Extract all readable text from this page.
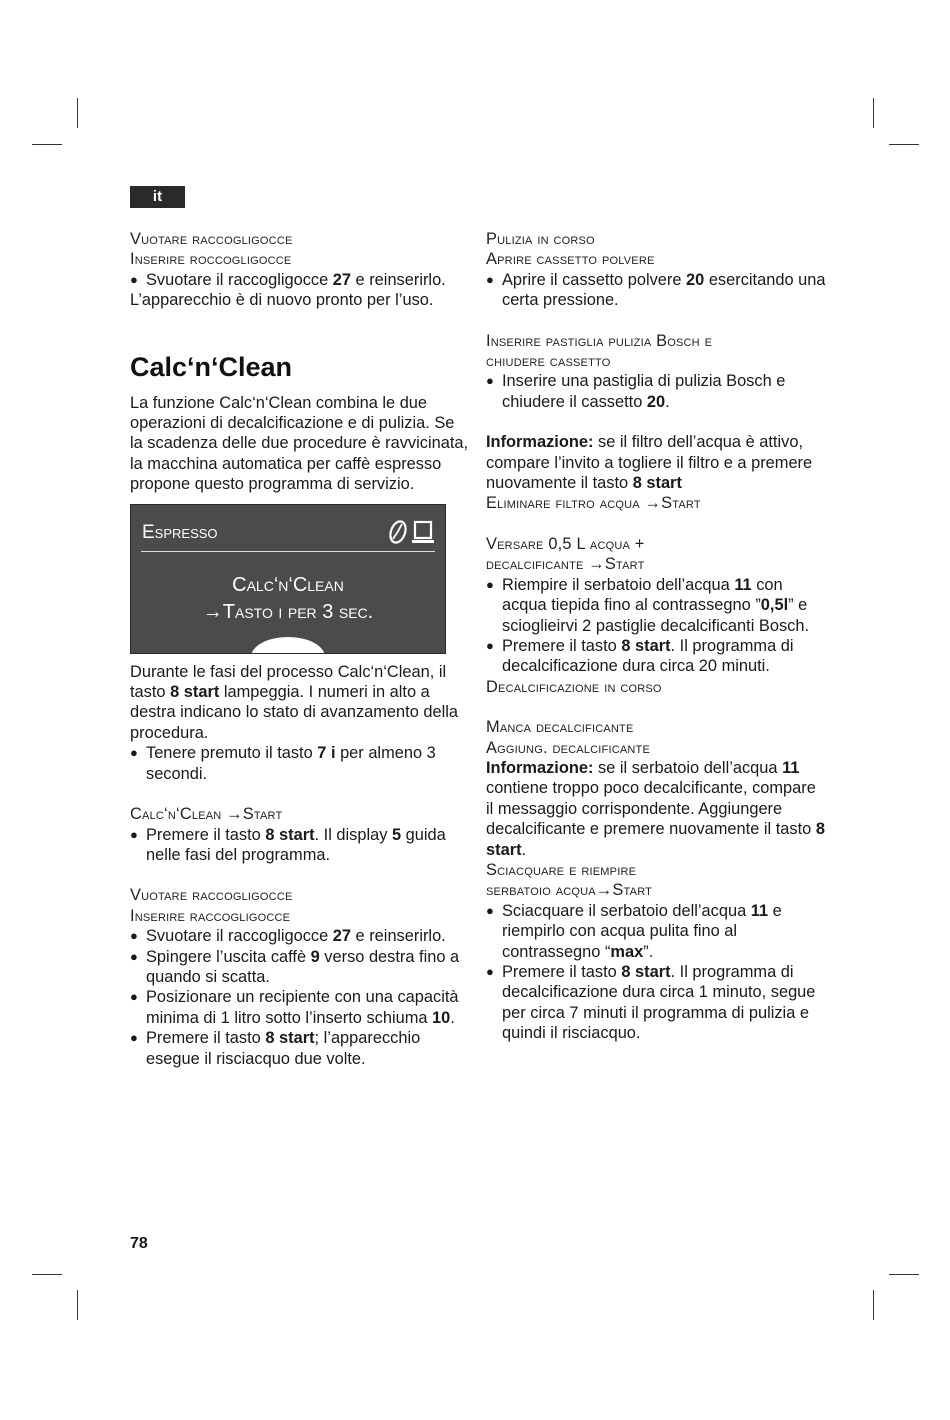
it

Vuotare raccogligocce

Inserire roccogligocce

● Svuotare il raccogligocce 27 e reinserirlo.

L’apparecchio è di nuovo pronto per l’uso.

Calc‘n‘Clean

La funzione Calc‘n‘Clean combina le due operazioni di decalcificazione e di pulizia. Se la scadenza delle due procedure è ravvicinata, la macchina automatica per caffè espresso propone questo programma di servizio.

Espresso
Calc‘n‘Clean
→Tasto i per 3 sec.

Durante le fasi del processo Calc‘n‘Clean, il tasto 8 start lampeggia. I numeri in alto a destra indicano lo stato di avanzamento della procedura.

● Tenere premuto il tasto 7 i per almeno 3 secondi.

Calc‘n‘Clean →Start

● Premere il tasto 8 start. Il display 5 guida nelle fasi del programma.

Vuotare raccogligocce

Inserire raccogligocce

● Svuotare il raccogligocce 27 e reinserirlo.
● Spingere l’uscita caffè 9 verso destra fino a quando si scatta.
● Posizionare un recipiente con una capacità minima di 1 litro sotto l’inserto schiuma 10.
● Premere il tasto 8 start; l’apparecchio esegue il risciacquo due volte.

Pulizia in corso

Aprire cassetto polvere

● Aprire il cassetto polvere 20 esercitando una certa pressione.

Inserire pastiglia pulizia Bosch e

chiudere cassetto

● Inserire una pastiglia di pulizia Bosch e chiudere il cassetto 20.

Informazione: se il filtro dell’acqua è attivo, compare l’invito a togliere il filtro e a premere nuovamente il tasto 8 start

Eliminare filtro acqua →Start

Versare 0,5 L acqua +

decalcificante →Start

● Riempire il serbatoio dell’acqua 11 con acqua tiepida fino al contrassegno ”0,5l” e scioglieirvi 2 pastiglie decalcificanti Bosch.
● Premere il tasto 8 start. Il programma di decalcificazione dura circa 20 minuti.

Decalcificazione in corso

Manca decalcificante

Aggiung. decalcificante

Informazione: se il serbatoio dell’acqua 11 contiene troppo poco decalcificante, compare il messaggio corrispondente. Aggiungere decalcificante e premere nuovamente il tasto 8 start.

Sciacquare e riempire

serbatoio acqua→Start

● Sciacquare il serbatoio dell’acqua 11 e riempirlo con acqua pulita fino al contrassegno “max”.
● Premere il tasto 8 start. Il programma di decalcificazione dura circa 1 minuto, segue per circa 7 minuti il programma di pulizia e quindi il risciacquo.
78
